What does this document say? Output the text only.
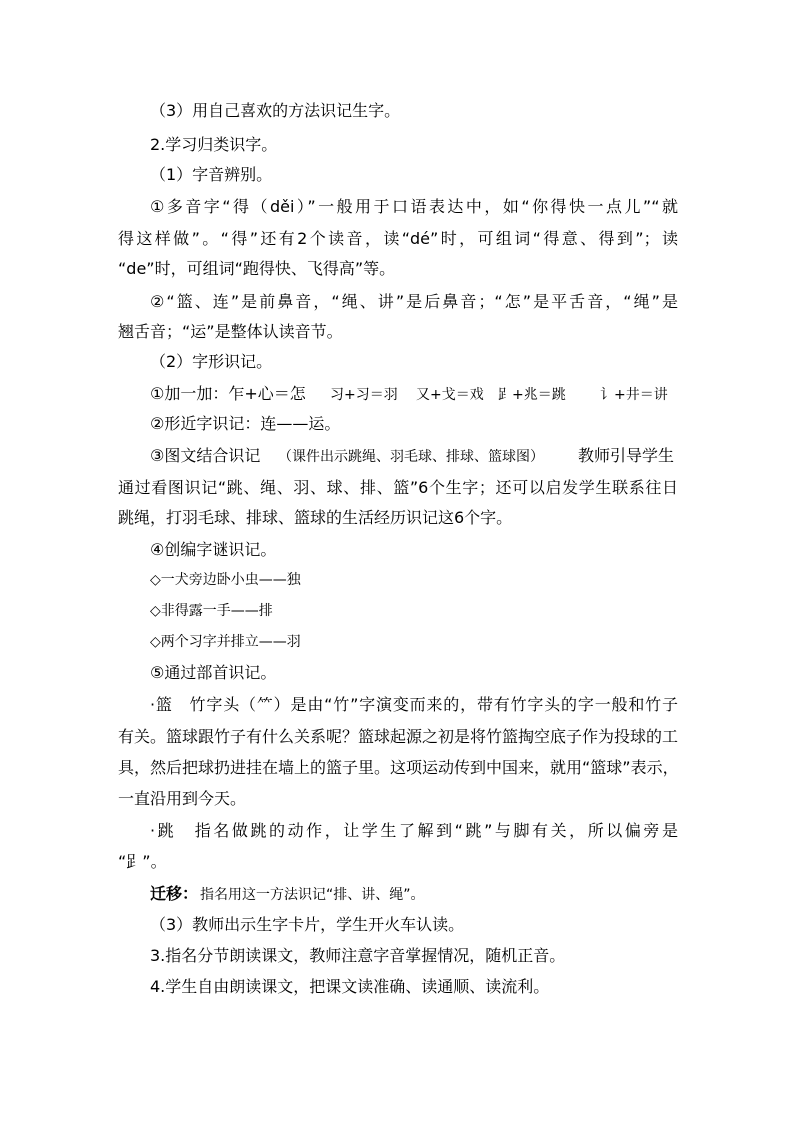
（3）用自己喜欢的方法识记生字。
2.学习归类识字。
（1）字音辨别。
①多音字“得（děi）”一般用于口语表达中，如“你得快一点儿”“就
得这样做”。“得”还有2个读音，读“dé”时，可组词“得意、得到”；读
“de”时，可组词“跑得快、飞得高”等。
②“篮、连”是前鼻音，“绳、讲”是后鼻音；“怎”是平舌音，“绳”是
翘舌音；“运”是整体认读音节。
（2）字形识记。
①加一加：乍+心＝怎 习+习＝羽 又+戈＝戏 𧾷+兆＝跳 讠+井＝讲
②形近字识记：连——运。
③图文结合识记 （课件出示跳绳、羽毛球、排球、篮球图） 教师引导学生
通过看图识记“跳、绳、羽、球、排、篮”6个生字；还可以启发学生联系往日
跳绳，打羽毛球、排球、篮球的生活经历识记这6个字。
④创编字谜识记。
◇一犬旁边卧小虫——独
◇非得露一手——排
◇两个习字并排立——羽
⑤通过部首识记。
·篮　竹字头（⺮）是由“竹”字演变而来的，带有竹字头的字一般和竹子
有关。篮球跟竹子有什么关系呢？篮球起源之初是将竹篮掏空底子作为投球的工
具，然后把球扔进挂在墙上的篮子里。这项运动传到中国来，就用“篮球”表示，
一直沿用到今天。
·跳　指名做跳的动作，让学生了解到“跳”与脚有关，所以偏旁是
“𧾷”。
迁移： 指名用这一方法识记“排、讲、绳”。
（3）教师出示生字卡片，学生开火车认读。
3.指名分节朗读课文，教师注意字音掌握情况，随机正音。
4.学生自由朗读课文，把课文读准确、读通顺、读流利。
